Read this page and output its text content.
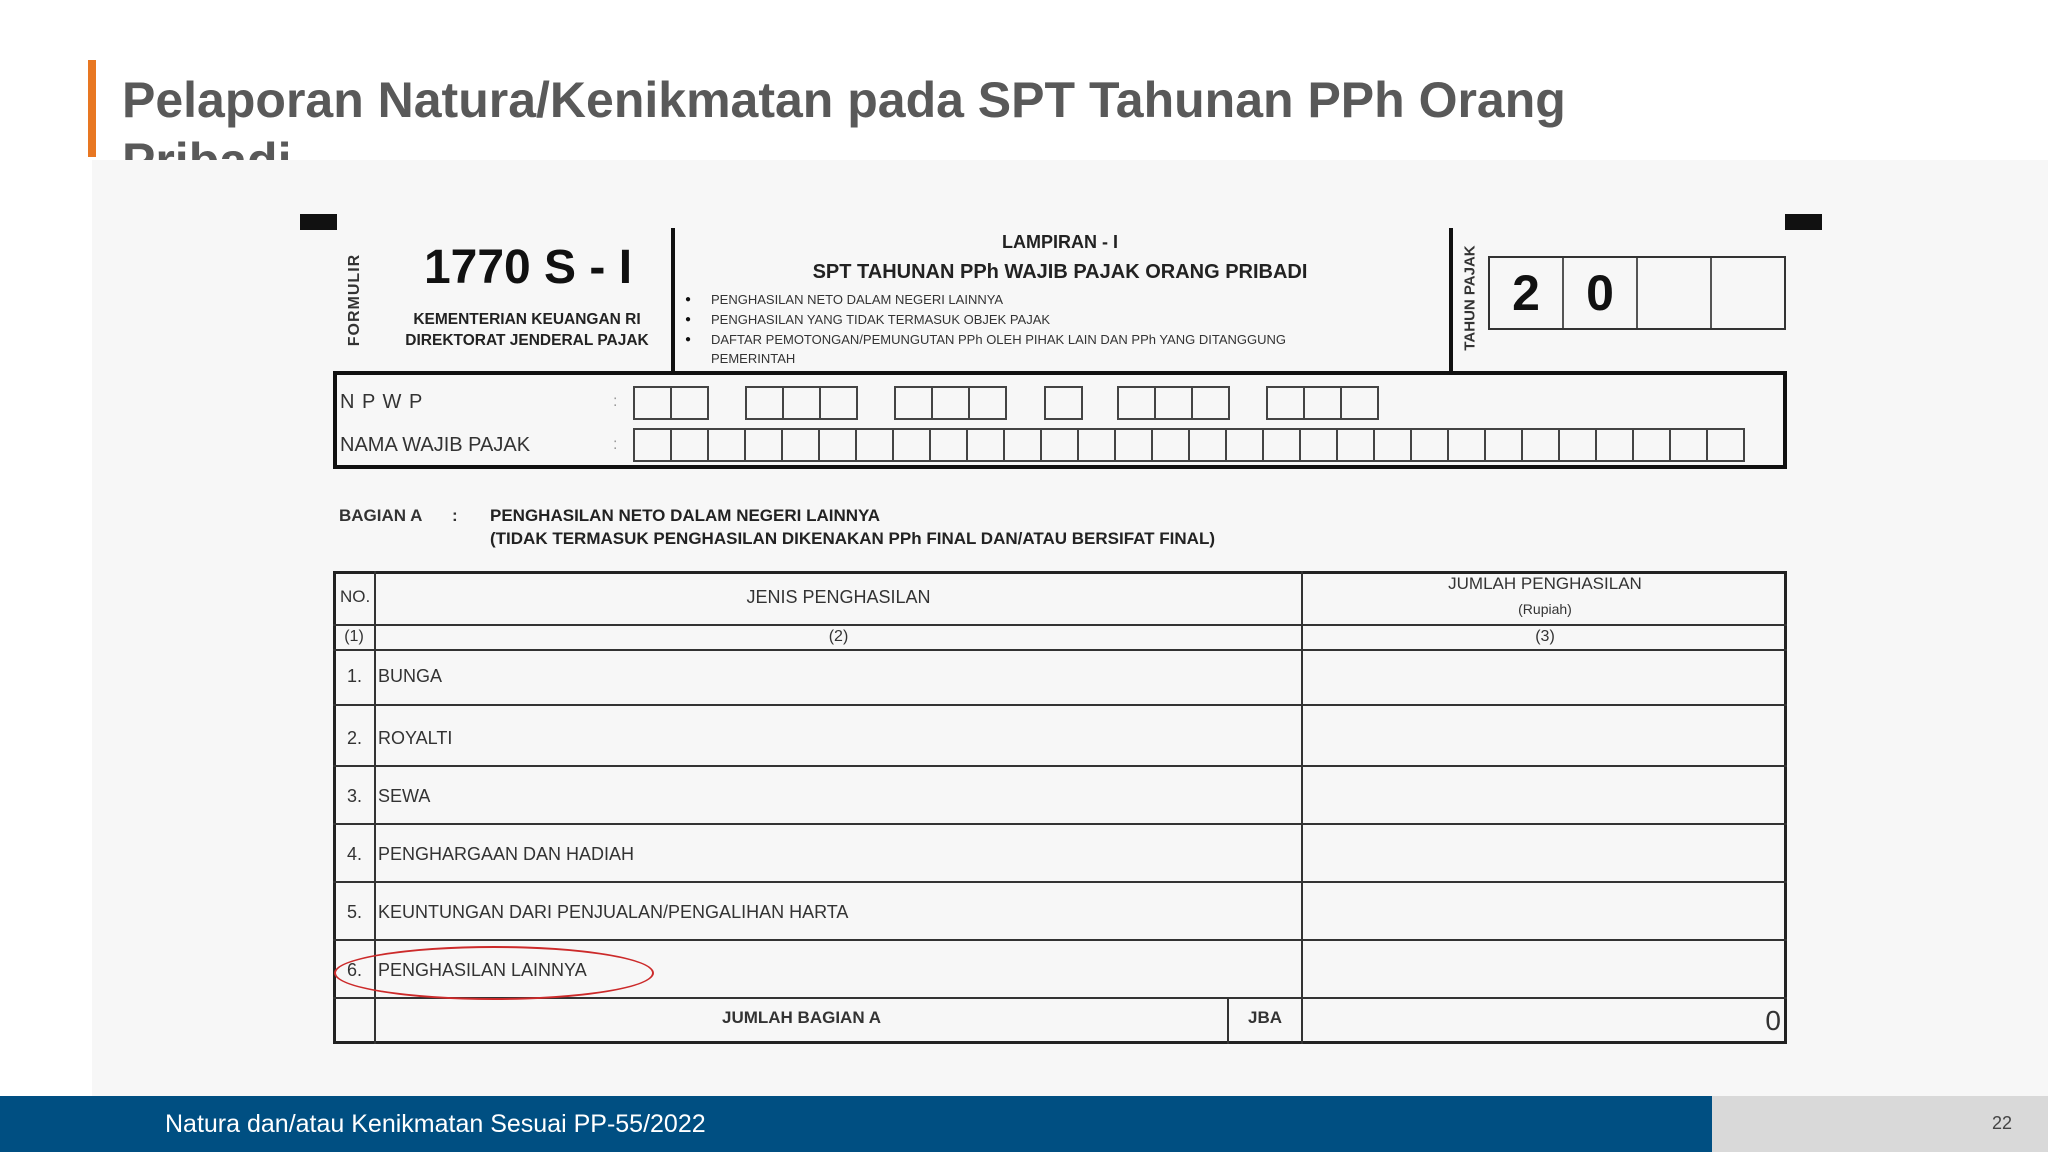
Pelaporan Natura/Kenikmatan pada SPT Tahunan PPh Orang
FORMULIR	1770 S - I
KEMENTERIAN KEUANGAN RI
DIREKTORAT JENDERAL PAJAK
LAMPIRAN - I
SPT TAHUNAN PPh WAJIB PAJAK ORANG PRIBADI
● PENGHASILAN NETO DALAM NEGERI LAINNYA
● PENGHASILAN YANG TIDAK TERMASUK OBJEK PAJAK
● DAFTAR PEMOTONGAN/PEMUNGUTAN PPh OLEH PIHAK LAIN DAN PPh YANG DITANGGUNG PEMERINTAH
TAHUN PAJAK 2 0
N P W P	:
NAMA WAJIB PAJAK	:
BAGIAN A : PENGHASILAN NETO DALAM NEGERI LAINNYA
(TIDAK TERMASUK PENGHASILAN DIKENAKAN PPh FINAL DAN/ATAU BERSIFAT FINAL)
NO.	JENIS PENGHASILAN
JUMLAH PENGHASILAN
(Rupiah)
(1)	(2)	(3)
1. BUNGA
2. ROYALTI
3. SEWA
4. PENGHARGAAN DAN HADIAH
5. KEUNTUNGAN DARI PENJUALAN/PENGALIHAN HARTA
6. PENGHASILAN LAINNYA
JUMLAH BAGIAN A	JBA	0
Natura dan/atau Kenikmatan Sesuai PP-55/2022	22
